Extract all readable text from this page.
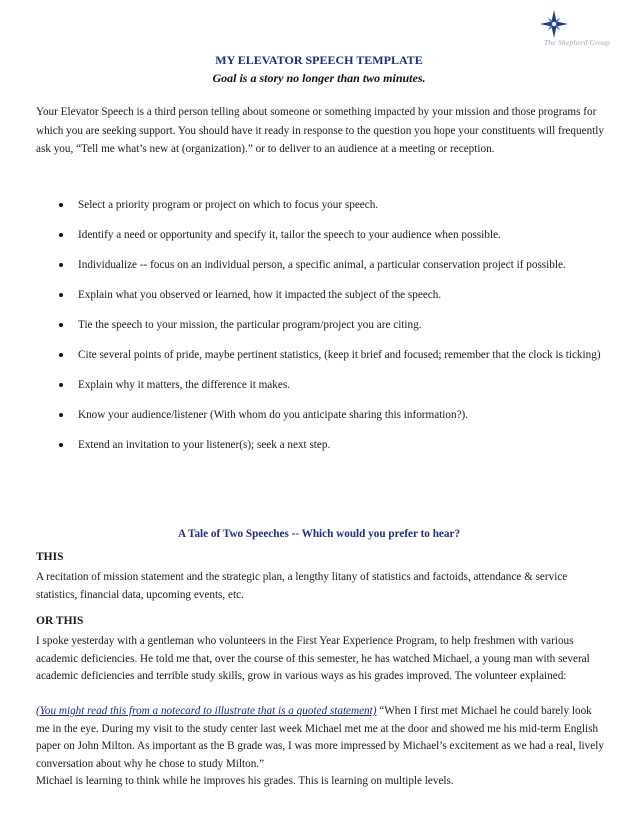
The Shepherd Group
MY ELEVATOR SPEECH TEMPLATE
Goal is a story no longer than two minutes.

Your Elevator Speech is a third person telling about someone or something impacted by your mission and those programs for which you are seeking support. You should have it ready in response to the question you hope your constituents will frequently ask you, “Tell me what’s new at (organization).” or to deliver to an audience at a meeting or reception.

Select a priority program or project on which to focus your speech.
Identify a need or opportunity and specify it, tailor the speech to your audience when possible.
Individualize -- focus on an individual person, a specific animal, a particular conservation project if possible.
Explain what you observed or learned, how it impacted the subject of the speech.
Tie the speech to your mission, the particular program/project you are citing.
Cite several points of pride, maybe pertinent statistics, (keep it brief and focused; remember that the clock is ticking)
Explain why it matters, the difference it makes.
Know your audience/listener (With whom do you anticipate sharing this information?).
Extend an invitation to your listener(s); seek a next step.
A Tale of Two Speeches -- Which would you prefer to hear?
THIS

A recitation of mission statement and the strategic plan, a lengthy litany of statistics and factoids, attendance & service statistics, financial data, upcoming events, etc.

OR THIS

I spoke yesterday with a gentleman who volunteers in the First Year Experience Program, to help freshmen with various academic deficiencies. He told me that, over the course of this semester, he has watched Michael, a young man with several academic deficiencies and terrible study skills, grow in various ways as his grades improved. The volunteer explained:

(You might read this from a notecard to illustrate that is a quoted statement) “When I first met Michael he could barely look me in the eye. During my visit to the study center last week Michael met me at the door and showed me his mid-term English paper on John Milton. As important as the B grade was, I was more impressed by Michael’s excitement as we had a real, lively conversation about why he chose to study Milton.”

Michael is learning to think while he improves his grades. This is learning on multiple levels.
